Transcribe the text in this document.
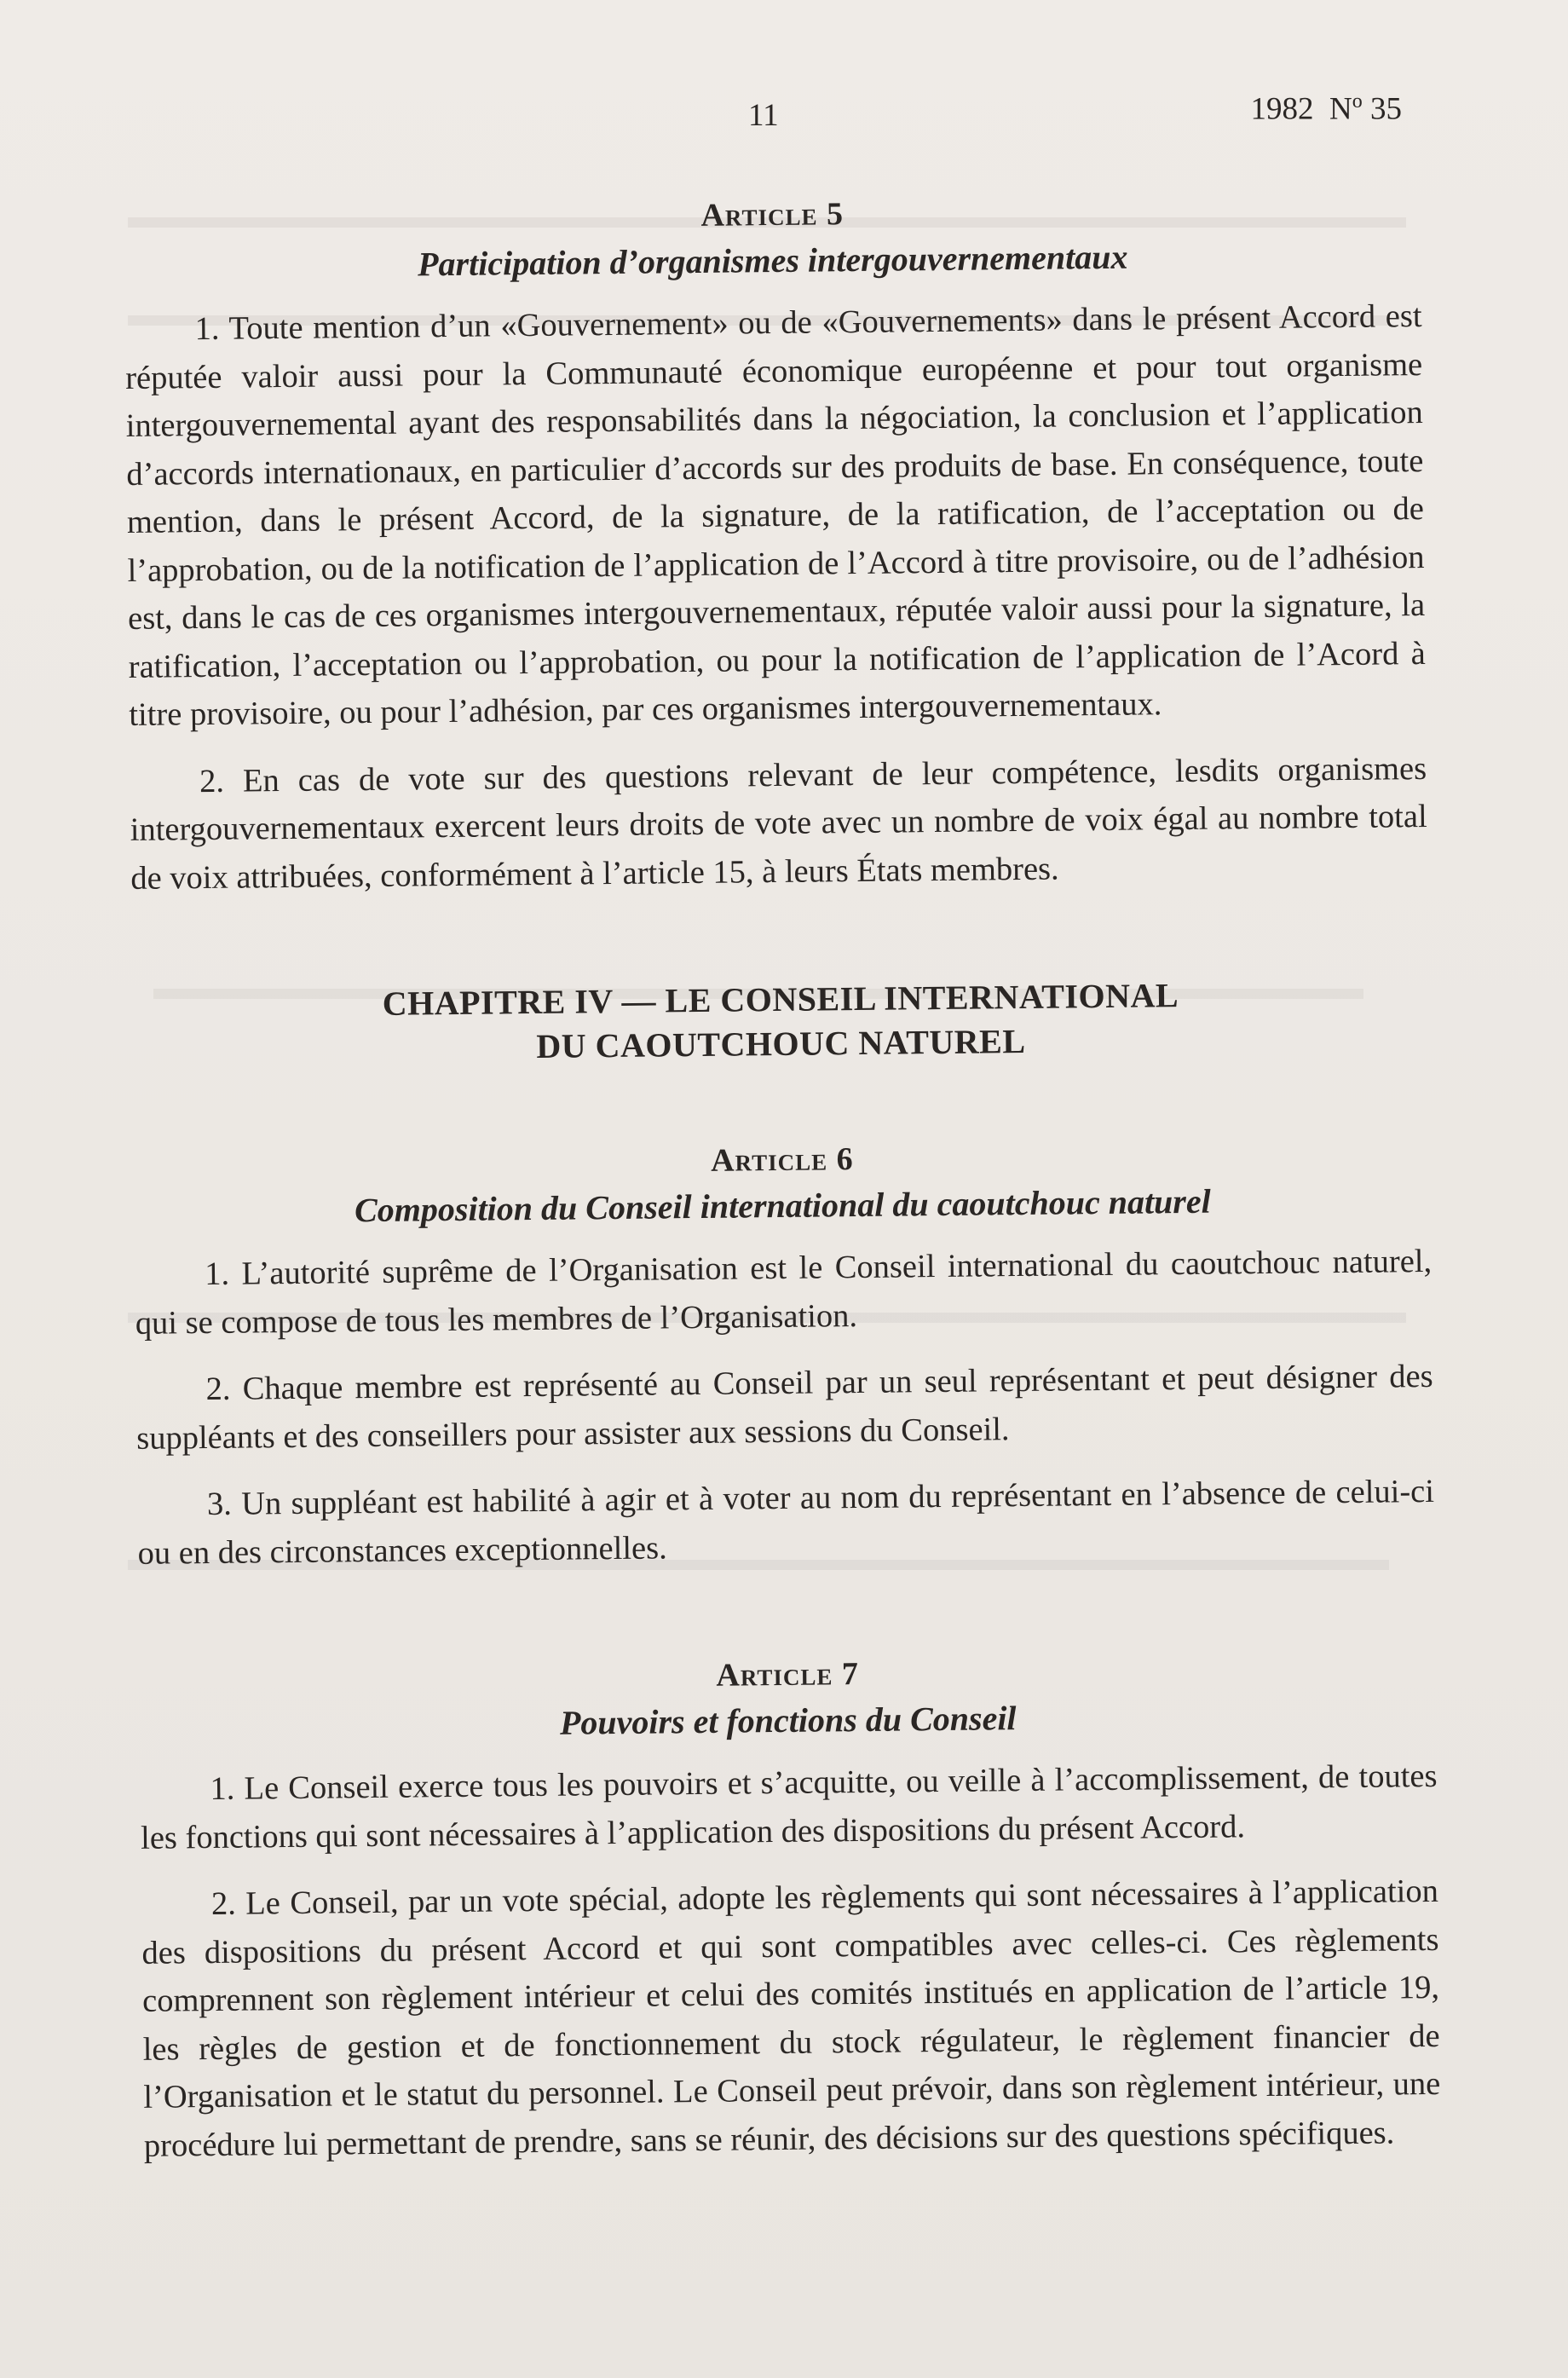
11	1982 $N^o$ 35
Article 5
Participation d’organismes intergouvernementaux

1. Toute mention d’un «Gouvernement» ou de «Gouvernements» dans le présent Accord est réputée valoir aussi pour la Communauté économique européenne et pour tout organisme intergouvernemental ayant des responsabilités dans la négociation, la conclusion et l’application d’accords internationaux, en particulier d’accords sur des produits de base. En conséquence, toute mention, dans le présent Accord, de la signature, de la ratification, de l’acceptation ou de l’approbation, ou de la notification de l’application de l’Accord à titre provisoire, ou de l’adhésion est, dans le cas de ces organismes intergouvernementaux, réputée valoir aussi pour la signature, la ratification, l’acceptation ou l’approbation, ou pour la notification de l’application de l’Acord à titre provisoire, ou pour l’adhésion, par ces organismes intergouvernementaux.

2. En cas de vote sur des questions relevant de leur compétence, lesdits organismes intergouvernementaux exercent leurs droits de vote avec un nombre de voix égal au nombre total de voix attribuées, conformément à l’article 15, à leurs États membres.

CHAPITRE IV — LE CONSEIL INTERNATIONAL
DU CAOUTCHOUC NATUREL
Article 6
Composition du Conseil international du caoutchouc naturel

1. L’autorité suprême de l’Organisation est le Conseil international du caoutchouc naturel, qui se compose de tous les membres de l’Organisation.

2. Chaque membre est représenté au Conseil par un seul représentant et peut désigner des suppléants et des conseillers pour assister aux sessions du Conseil.

3. Un suppléant est habilité à agir et à voter au nom du représentant en l’absence de celui-ci ou en des circonstances exceptionnelles.

Article 7
Pouvoirs et fonctions du Conseil

1. Le Conseil exerce tous les pouvoirs et s’acquitte, ou veille à l’accomplissement, de toutes les fonctions qui sont nécessaires à l’application des dispositions du présent Accord.

2. Le Conseil, par un vote spécial, adopte les règlements qui sont nécessaires à l’application des dispositions du présent Accord et qui sont compatibles avec celles-ci. Ces règlements comprennent son règlement intérieur et celui des comités institués en application de l’article 19, les règles de gestion et de fonctionnement du stock régulateur, le règlement financier de l’Organisation et le statut du personnel. Le Conseil peut prévoir, dans son règlement intérieur, une procédure lui permettant de prendre, sans se réunir, des décisions sur des questions spécifiques.
